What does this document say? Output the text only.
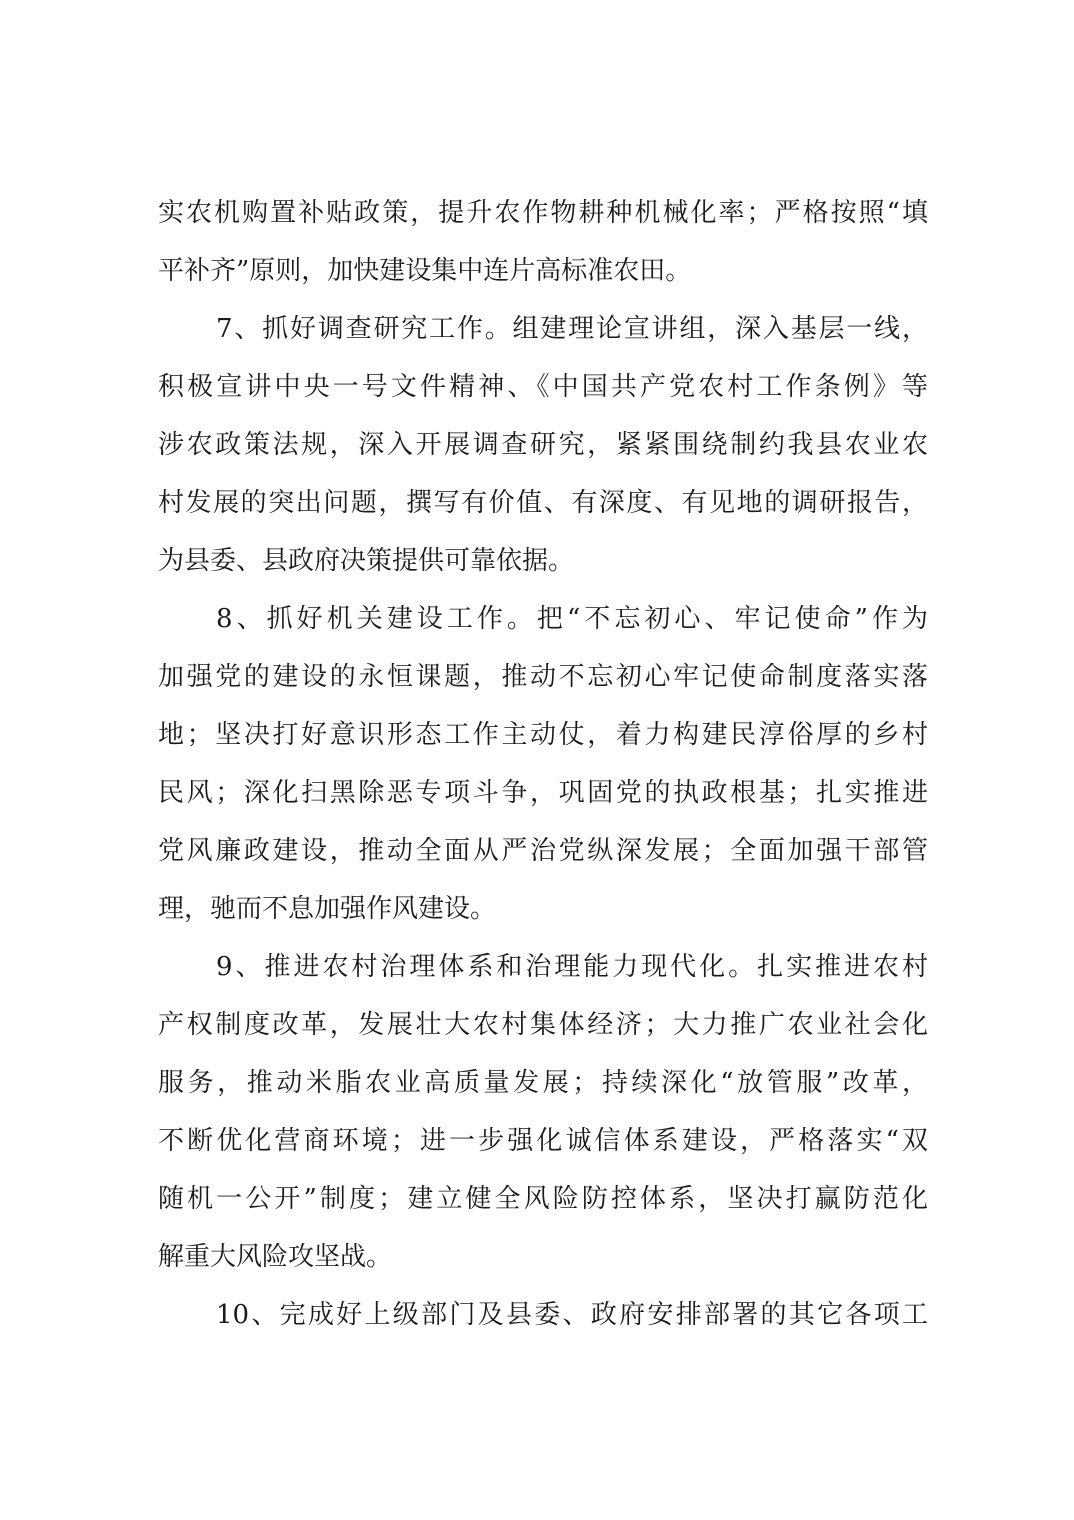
实农机购置补贴政策，提升农作物耕种机械化率；严格按照“填
平补齐”原则，加快建设集中连片高标准农田。
7、抓好调查研究工作。组建理论宣讲组，深入基层一线，
积极宣讲中央一号文件精神、《中国共产党农村工作条例》等
涉农政策法规，深入开展调查研究，紧紧围绕制约我县农业农
村发展的突出问题，撰写有价值、有深度、有见地的调研报告，
为县委、县政府决策提供可靠依据。
8、抓好机关建设工作。把“不忘初心、牢记使命”作为
加强党的建设的永恒课题，推动不忘初心牢记使命制度落实落
地；坚决打好意识形态工作主动仗，着力构建民淳俗厚的乡村
民风；深化扫黑除恶专项斗争，巩固党的执政根基；扎实推进
党风廉政建设，推动全面从严治党纵深发展；全面加强干部管
理，驰而不息加强作风建设。
9、推进农村治理体系和治理能力现代化。扎实推进农村
产权制度改革，发展壮大农村集体经济；大力推广农业社会化
服务，推动米脂农业高质量发展；持续深化“放管服”改革，
不断优化营商环境；进一步强化诚信体系建设，严格落实“双
随机一公开”制度；建立健全风险防控体系，坚决打赢防范化
解重大风险攻坚战。
10、完成好上级部门及县委、政府安排部署的其它各项工
